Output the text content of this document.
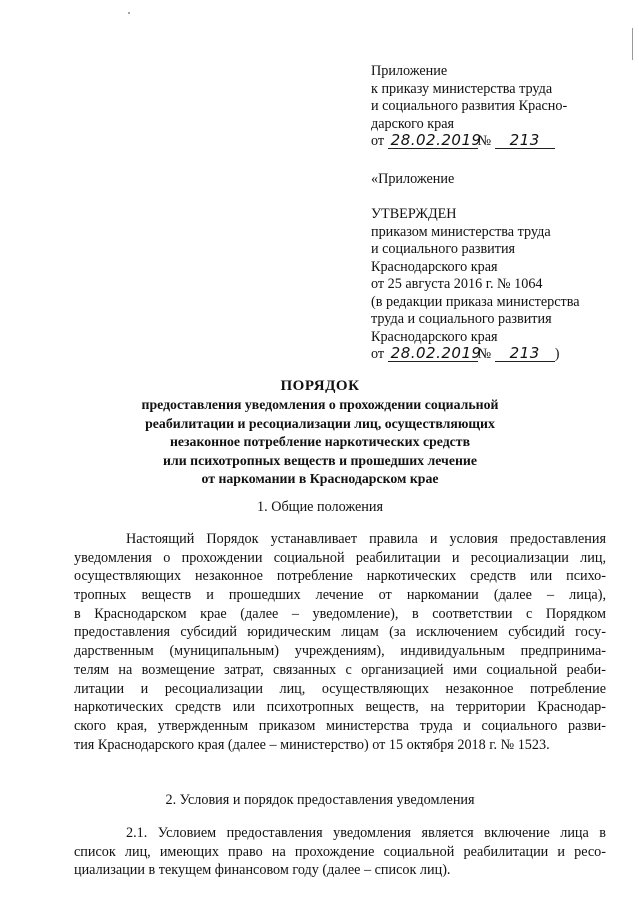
Приложение
к приказу министерства труда
и социального развития Красно-
дарского края
от 28.02.2019№ 213
«Приложение
УТВЕРЖДЕН
приказом министерства труда
и социального развития
Краснодарского края
от 25 августа 2016 г. № 1064
(в редакции приказа министерства
труда и социального развития
Краснодарского края
от 28.02.2019№ 213 )
ПОРЯДОК
предоставления уведомления о прохождении социальной
реабилитации и ресоциализации лиц, осуществляющих
незаконное потребление наркотических средств
или психотропных веществ и прошедших лечение
от наркомании в Краснодарском крае
1. Общие положения
Настоящий Порядок устанавливает правила и условия предоставления
уведомления о прохождении социальной реабилитации и ресоциализации лиц,
осуществляющих незаконное потребление наркотических средств или психо-
тропных веществ и прошедших лечение от наркомании (далее – лица),
в Краснодарском крае (далее – уведомление), в соответствии с Порядком
предоставления субсидий юридическим лицам (за исключением субсидий госу-
дарственным (муниципальным) учреждениям), индивидуальным предпринима-
телям на возмещение затрат, связанных с организацией ими социальной реаби-
литации и ресоциализации лиц, осуществляющих незаконное потребление
наркотических средств или психотропных веществ, на территории Краснодар-
ского края, утвержденным приказом министерства труда и социального разви-
тия Краснодарского края (далее – министерство) от 15 октября 2018 г. № 1523.
2. Условия и порядок предоставления уведомления
2.1. Условием предоставления уведомления является включение лица в
список лиц, имеющих право на прохождение социальной реабилитации и ресо-
циализации в текущем финансовом году (далее – список лиц).
